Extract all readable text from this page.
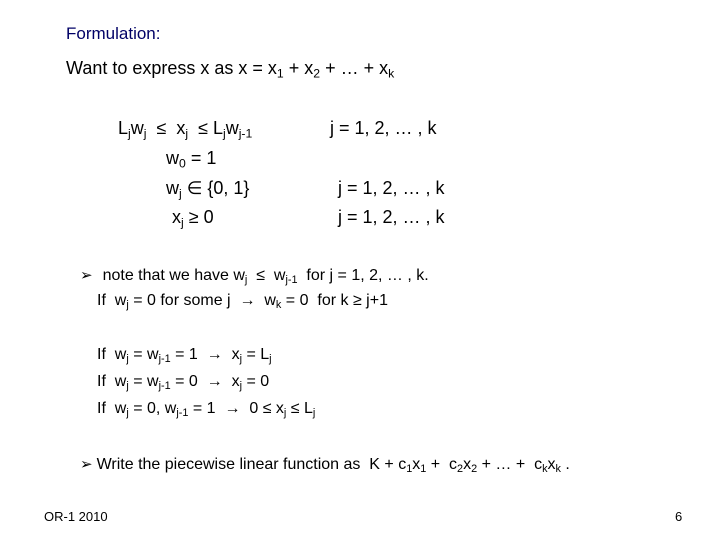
Formulation:
Want to express x as $x = x_1 + x_2$ + … + $x_k$
$L_jw_j \le x_j \le L_jw_{j-1}$	j = 1, 2, … , k
$w_0 = 1$
$w_j$ ∈ {0, 1}	j = 1, 2, … , k
$x_j \ge 0$	j = 1, 2, … , k
➢ note that we have $w_j \le w_{j-1}$  for j = 1, 2, … , k.
If  $w_j = 0$ for some $j \to w_k = 0$  for k ≥ j+1
If  $w_j = w_{j-1} = 1 \to x_j = L_j$
If  $w_j = w_{j-1} = 0 \to x_j = 0$
If  $w_j = 0$, $w_{j-1} = 1 \to 0 \le x_j \le L_j$
➢ Write the piecewise linear function as  $K + c_1x_1 + c_2x_2$ + … +  $c_kx_k$ .
OR-1 2010	6
